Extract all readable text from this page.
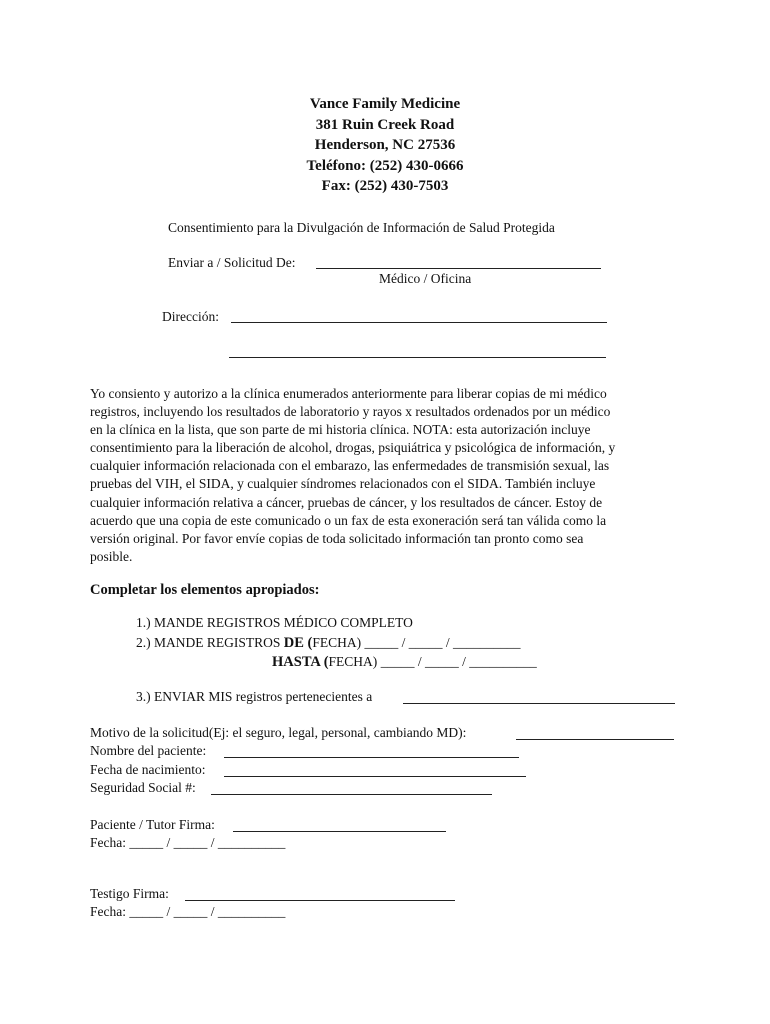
Vance Family Medicine
381 Ruin Creek Road
Henderson, NC 27536
Teléfono: (252) 430-0666
Fax: (252) 430-7503
Consentimiento para la Divulgación de Información de Salud Protegida
Enviar a / Solicitud De:
Médico / Oficina
Dirección:
Yo consiento y autorizo a la clínica enumerados anteriormente para liberar copias de mi médico
registros, incluyendo los resultados de laboratorio y rayos x resultados ordenados por un médico
en la clínica en la lista, que son parte de mi historia clínica. NOTA: esta autorización incluye
consentimiento para la liberación de alcohol, drogas, psiquiátrica y psicológica de información, y
cualquier información relacionada con el embarazo, las enfermedades de transmisión sexual, las
pruebas del VIH, el SIDA, y cualquier síndromes relacionados con el SIDA. También incluye
cualquier información relativa a cáncer, pruebas de cáncer, y los resultados de cáncer. Estoy de
acuerdo que una copia de este comunicado o un fax de esta exoneración será tan válida como la
versión original. Por favor envíe copias de toda solicitado información tan pronto como sea
posible.
Completar los elementos apropiados:
1.) MANDE REGISTROS MÉDICO COMPLETO
2.) MANDE REGISTROS DE (FECHA) _____ / _____ / __________
HASTA (FECHA) _____ / _____ / __________
3.) ENVIAR MIS registros pertenecientes a
Motivo de la solicitud(Ej: el seguro, legal, personal, cambiando MD):
Nombre del paciente:
Fecha de nacimiento:
Seguridad Social #:
Paciente / Tutor Firma:
Fecha: _____ / _____ / __________
Testigo Firma:
Fecha: _____ / _____ / __________
